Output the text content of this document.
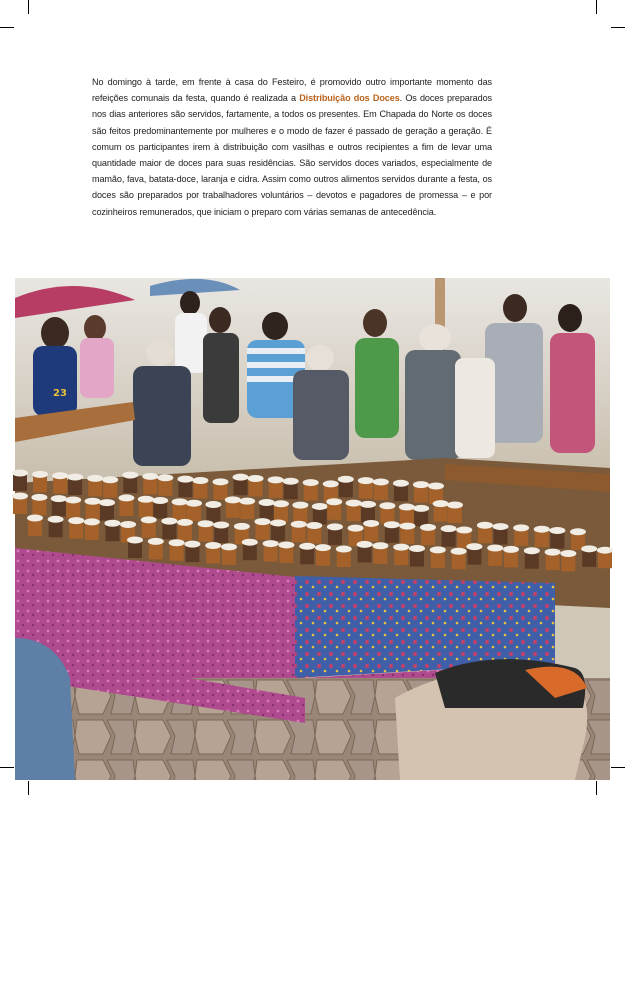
No domingo à tarde, em frente à casa do Festeiro, é promovido outro importante momento das refeições comunais da festa, quando é realizada a Distribuição dos Doces. Os doces preparados nos dias anteriores são servidos, fartamente, a todos os presentes. Em Chapada do Norte os doces são feitos predominantemente por mulheres e o modo de fazer é passado de geração a geração. É comum os participantes irem à distribuição com vasilhas e outros recipientes a fim de levar uma quantidade maior de doces para suas residências. São servidos doces variados, especialmente de mamão, fava, batata-doce, laranja e cidra. Assim como outros alimentos servidos durante a festa, os doces são preparados por trabalhadores voluntários – devotos e pagadores de promessa – e por cozinheiros remunerados, que iniciam o preparo com várias semanas de antecedência.
23
Doces distribuídos pelo Rei Festeiro 2023. Fonte: Acervo Iepha-MG
